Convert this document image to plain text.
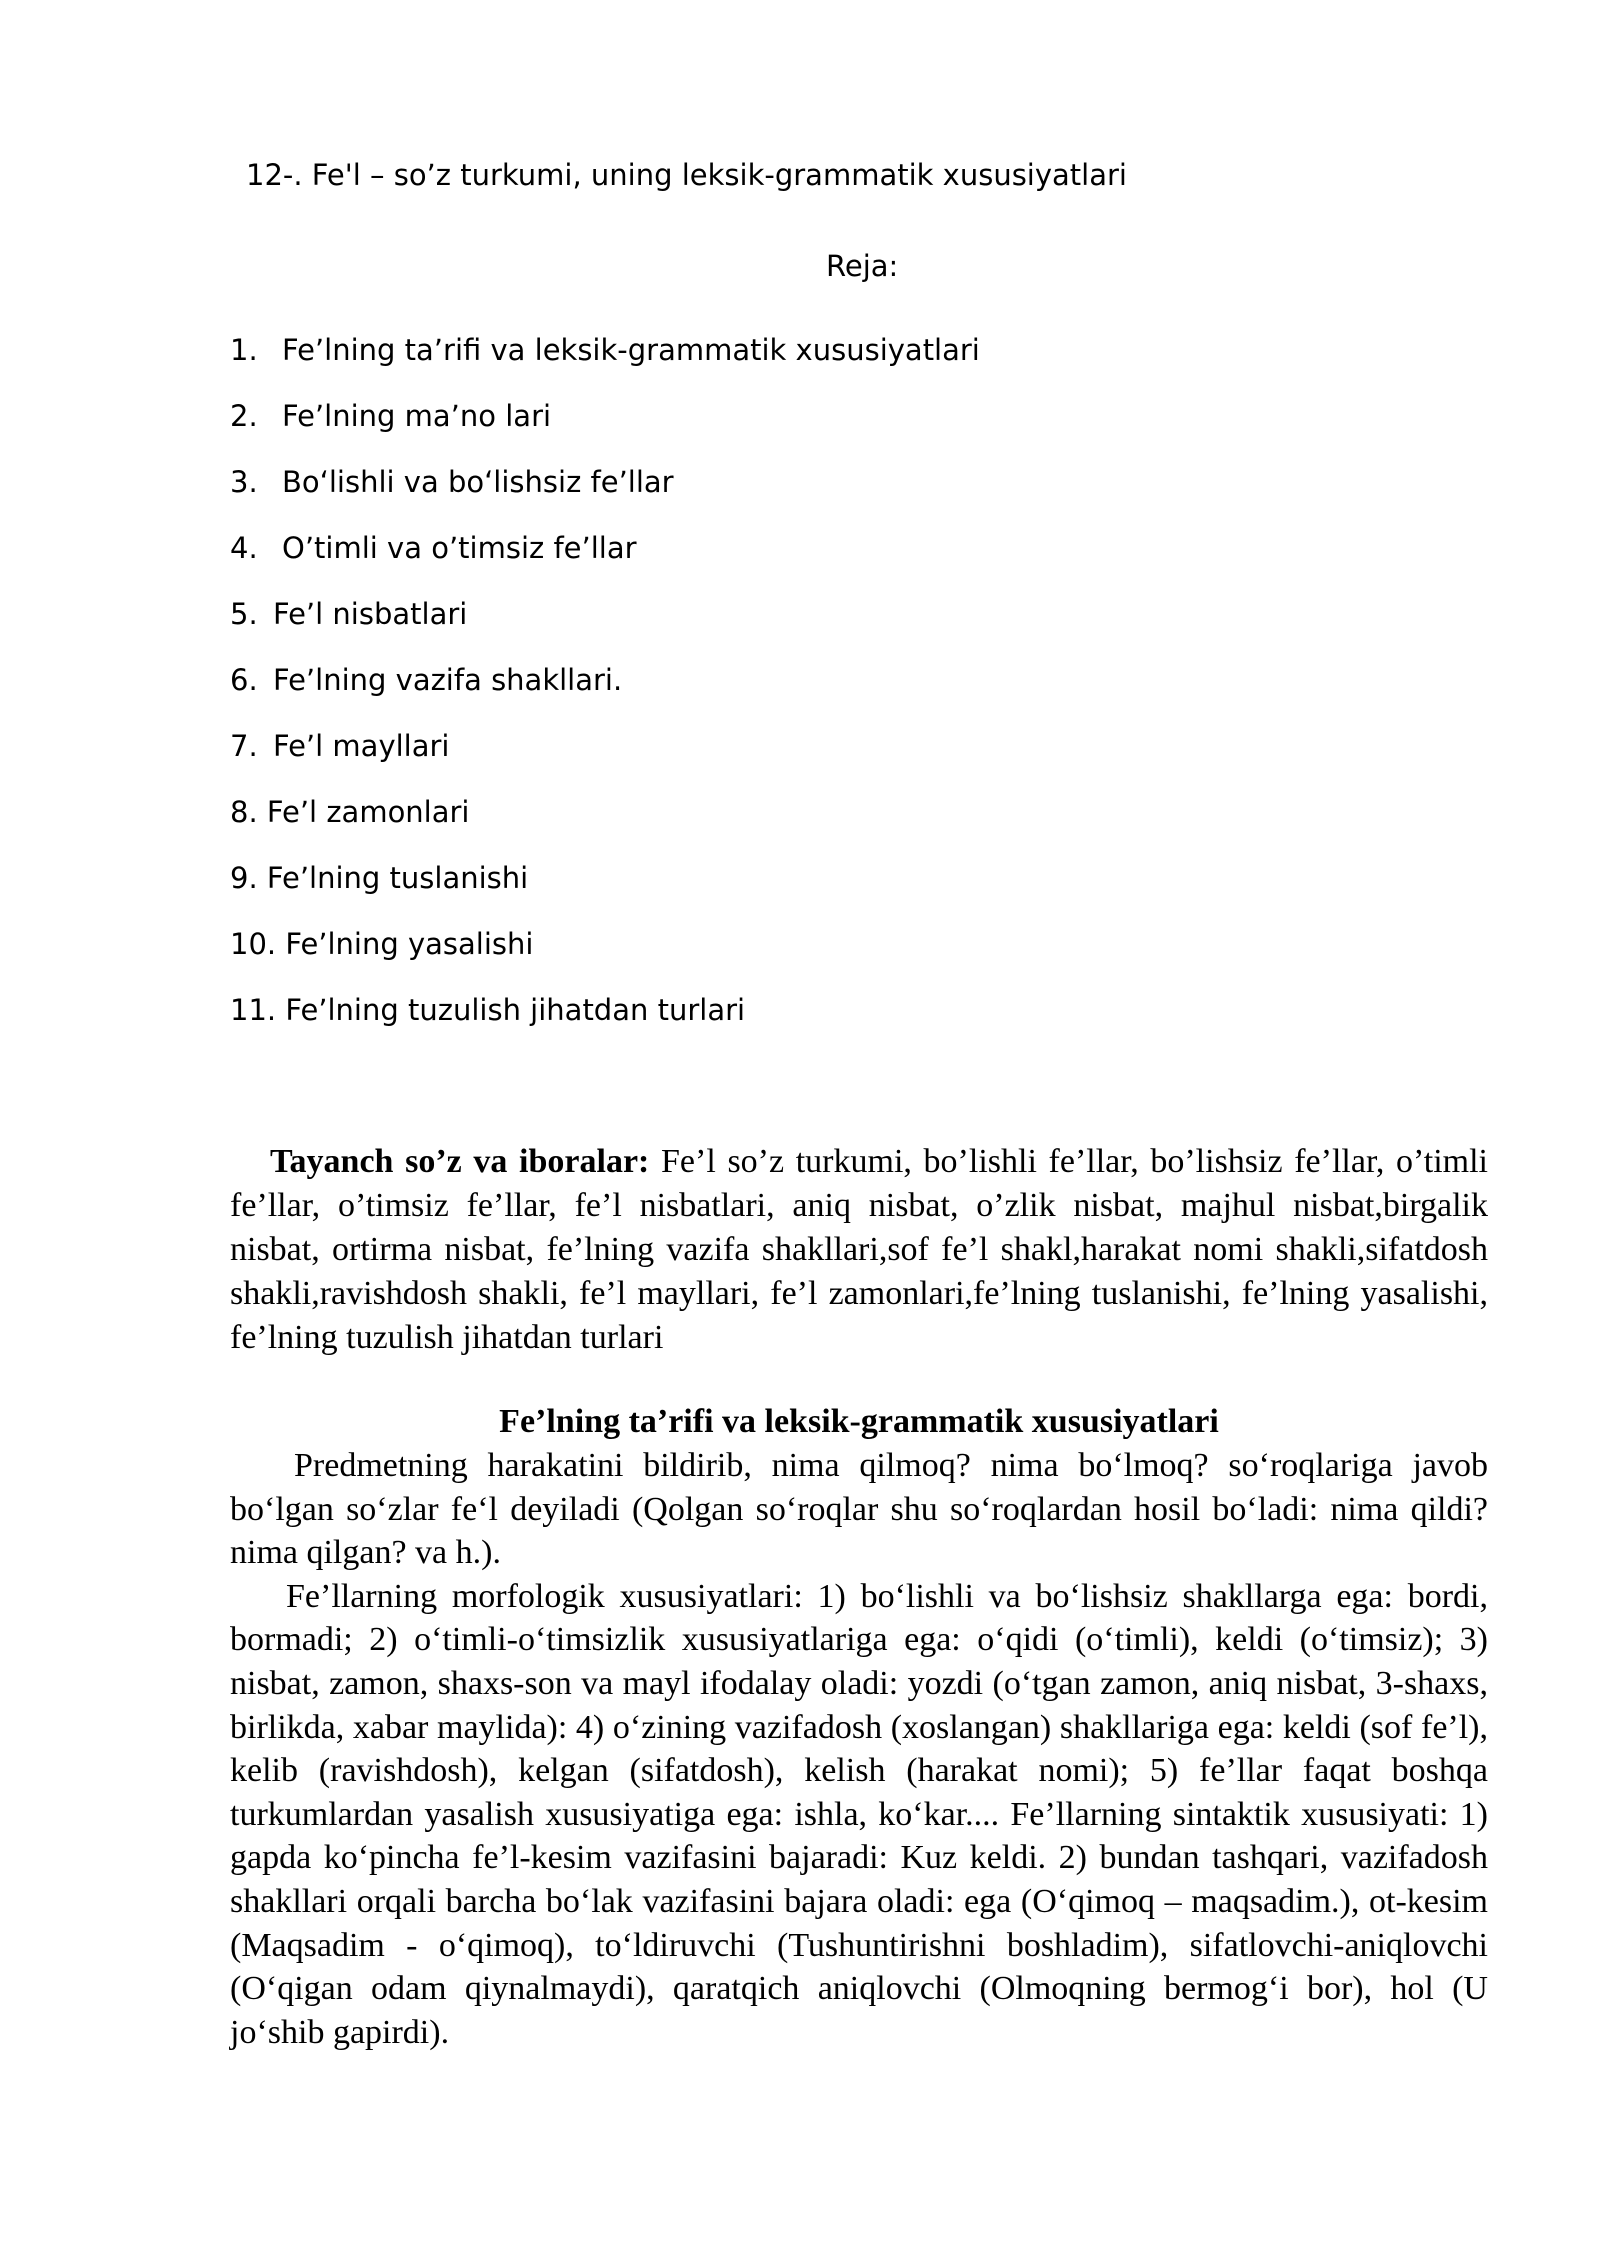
12-. Fe'l – so’z turkumi, uning leksik-grammatik xususiyatlari
Reja:
1. Fe’lning ta’rifi va leksik-grammatik xususiyatlari
2. Fe’lning ma’no lari
3. Bo‘lishli va bo‘lishsiz fe’llar
4. O’timli va o’timsiz fe’llar
5. Fe’l nisbatlari
6. Fe’lning vazifa shakllari.
7. Fe’l mayllari
8. Fe’l zamonlari
9. Fe’lning tuslanishi
10. Fe’lning yasalishi
11. Fe’lning tuzulish jihatdan turlari

Tayanch so’z va iboralar: Fe’l so’z turkumi, bo’lishli fe’llar, bo’lishsiz fe’llar, o’timli fe’llar, o’timsiz fe’llar, fe’l nisbatlari, aniq nisbat, o’zlik nisbat, majhul nisbat,birgalik nisbat, ortirma nisbat, fe’lning vazifa shakllari,sof fe’l shakl,harakat nomi shakli,sifatdosh shakli,ravishdosh shakli, fe’l mayllari, fe’l zamonlari,fe’lning tuslanishi, fe’lning yasalishi, fe’lning tuzulish jihatdan turlari

Fe’lning ta’rifi va leksik-grammatik xususiyatlari

Predmetning harakatini bildirib, nima qilmoq? nima bo‘lmoq? so‘roqlariga javob bo‘lgan so‘zlar fe‘l deyiladi (Qolgan so‘roqlar shu so‘roqlardan hosil bo‘ladi: nima qildi? nima qilgan? va h.).

Fe’llarning morfologik xususiyatlari: 1) bo‘lishli va bo‘lishsiz shakllarga ega: bordi, bormadi; 2) o‘timli-o‘timsizlik xususiyatlariga ega: o‘qidi (o‘timli), keldi (o‘timsiz); 3) nisbat, zamon, shaxs-son va mayl ifodalay oladi: yozdi (o‘tgan zamon, aniq nisbat, 3-shaxs, birlikda, xabar maylida): 4) o‘zining vazifadosh (xoslangan) shakllariga ega: keldi (sof fe’l), kelib (ravishdosh), kelgan (sifatdosh), kelish (harakat nomi); 5) fe’llar faqat boshqa turkumlardan yasalish xususiyatiga ega: ishla, ko‘kar.... Fe’llarning sintaktik xususiyati: 1) gapda ko‘pincha fe’l-kesim vazifasini bajaradi: Kuz keldi. 2) bundan tashqari, vazifadosh shakllari orqali barcha bo‘lak vazifasini bajara oladi: ega (O‘qimoq – maqsadim.), ot-kesim (Maqsadim - o‘qimoq), to‘ldiruvchi (Tushuntirishni boshladim), sifatlovchi-aniqlovchi (O‘qigan odam qiynalmaydi), qaratqich aniqlovchi (Olmoqning bermog‘i bor), hol (U jo‘shib gapirdi).
